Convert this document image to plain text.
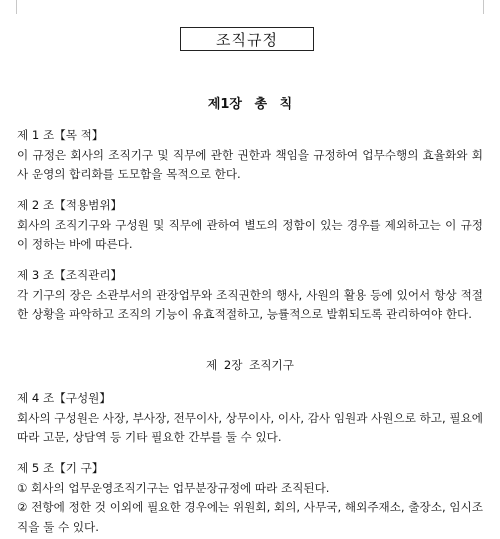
조직규정
제1장 총 칙
제 1 조【목 적】

이 규정은 회사의 조직기구 및 직무에 관한 권한과 책임을 규정하여 업무수행의 효율화와 회사 운영의 합리화를 도모함을 목적으로 한다.

제 2 조【적용범위】

회사의 조직기구와 구성원 및 직무에 관하여 별도의 정함이 있는 경우를 제외하고는 이 규정이 정하는 바에 따른다.

제 3 조【조직관리】

각 기구의 장은 소관부서의 관장업무와 조직권한의 행사, 사원의 활용 등에 있어서 항상 적절한 상황을 파악하고 조직의 기능이 유효적절하고, 능률적으로 발휘되도록 관리하여야 한다.

제 2장 조직기구
제 4 조【구성원】

회사의 구성원은 사장, 부사장, 전무이사, 상무이사, 이사, 감사 임원과 사원으로 하고, 필요에 따라 고문, 상담역 등 기타 필요한 간부를 둘 수 있다.

제 5 조【기 구】

① 회사의 업무운영조직기구는 업무분장규정에 따라 조직된다.

② 전항에 정한 것 이외에 필요한 경우에는 위원회, 회의, 사무국, 해외주재소, 출장소, 임시조직을 둘 수 있다.
